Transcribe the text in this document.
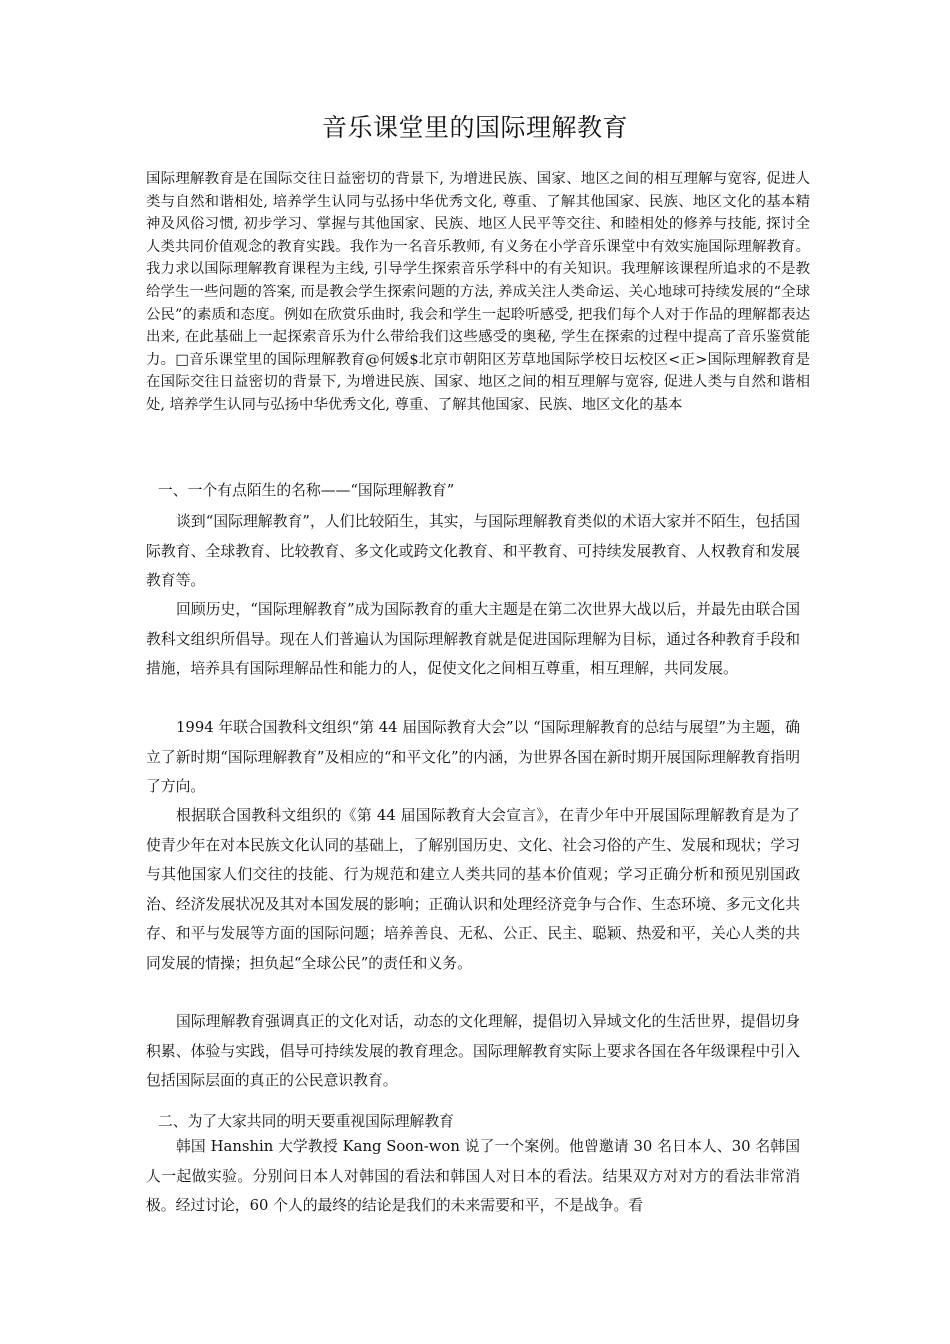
音乐课堂里的国际理解教育

国际理解教育是在国际交往日益密切的背景下, 为增进民族、国家、地区之间的相互理解与宽容, 促进人类与自然和谐相处, 培养学生认同与弘扬中华优秀文化, 尊重、了解其他国家、民族、地区文化的基本精神及风俗习惯, 初步学习、掌握与其他国家、民族、地区人民平等交往、和睦相处的修养与技能, 探讨全人类共同价值观念的教育实践。我作为一名音乐教师, 有义务在小学音乐课堂中有效实施国际理解教育。我力求以国际理解教育课程为主线, 引导学生探索音乐学科中的有关知识。我理解该课程所追求的不是教给学生一些问题的答案, 而是教会学生探索问题的方法, 养成关注人类命运、关心地球可持续发展的“全球公民”的素质和态度。例如在欣赏乐曲时, 我会和学生一起聆听感受, 把我们每个人对于作品的理解都表达出来, 在此基础上一起探索音乐为什么带给我们这些感受的奥秘, 学生在探索的过程中提高了音乐鉴赏能力。□音乐课堂里的国际理解教育@何媛$北京市朝阳区芳草地国际学校日坛校区<正>国际理解教育是在国际交往日益密切的背景下, 为增进民族、国家、地区之间的相互理解与宽容, 促进人类与自然和谐相处, 培养学生认同与弘扬中华优秀文化, 尊重、了解其他国家、民族、地区文化的基本

一、一个有点陌生的名称——“国际理解教育”

谈到“国际理解教育”，人们比较陌生，其实，与国际理解教育类似的术语大家并不陌生，包括国际教育、全球教育、比较教育、多文化或跨文化教育、和平教育、可持续发展教育、人权教育和发展教育等。

回顾历史，“国际理解教育”成为国际教育的重大主题是在第二次世界大战以后，并最先由联合国教科文组织所倡导。现在人们普遍认为国际理解教育就是促进国际理解为目标，通过各种教育手段和措施，培养具有国际理解品性和能力的人，促使文化之间相互尊重，相互理解，共同发展。

1994 年联合国教科文组织“第 44 届国际教育大会”以 “国际理解教育的总结与展望”为主题，确立了新时期“国际理解教育”及相应的“和平文化”的内涵，为世界各国在新时期开展国际理解教育指明了方向。

根据联合国教科文组织的《第 44 届国际教育大会宣言》，在青少年中开展国际理解教育是为了使青少年在对本民族文化认同的基础上，了解别国历史、文化、社会习俗的产生、发展和现状；学习与其他国家人们交往的技能、行为规范和建立人类共同的基本价值观；学习正确分析和预见别国政治、经济发展状况及其对本国发展的影响；正确认识和处理经济竞争与合作、生态环境、多元文化共存、和平与发展等方面的国际问题；培养善良、无私、公正、民主、聪颖、热爱和平，关心人类的共同发展的情操；担负起“全球公民”的责任和义务。

国际理解教育强调真正的文化对话，动态的文化理解，提倡切入异域文化的生活世界，提倡切身积累、体验与实践，倡导可持续发展的教育理念。国际理解教育实际上要求各国在各年级课程中引入包括国际层面的真正的公民意识教育。

二、为了大家共同的明天要重视国际理解教育

韩国 Hanshin 大学教授 Kang Soon-won 说了一个案例。他曾邀请 30 名日本人、30 名韩国人一起做实验。分别问日本人对韩国的看法和韩国人对日本的看法。结果双方对对方的看法非常消极。经过讨论，60 个人的最终的结论是我们的未来需要和平，不是战争。看
